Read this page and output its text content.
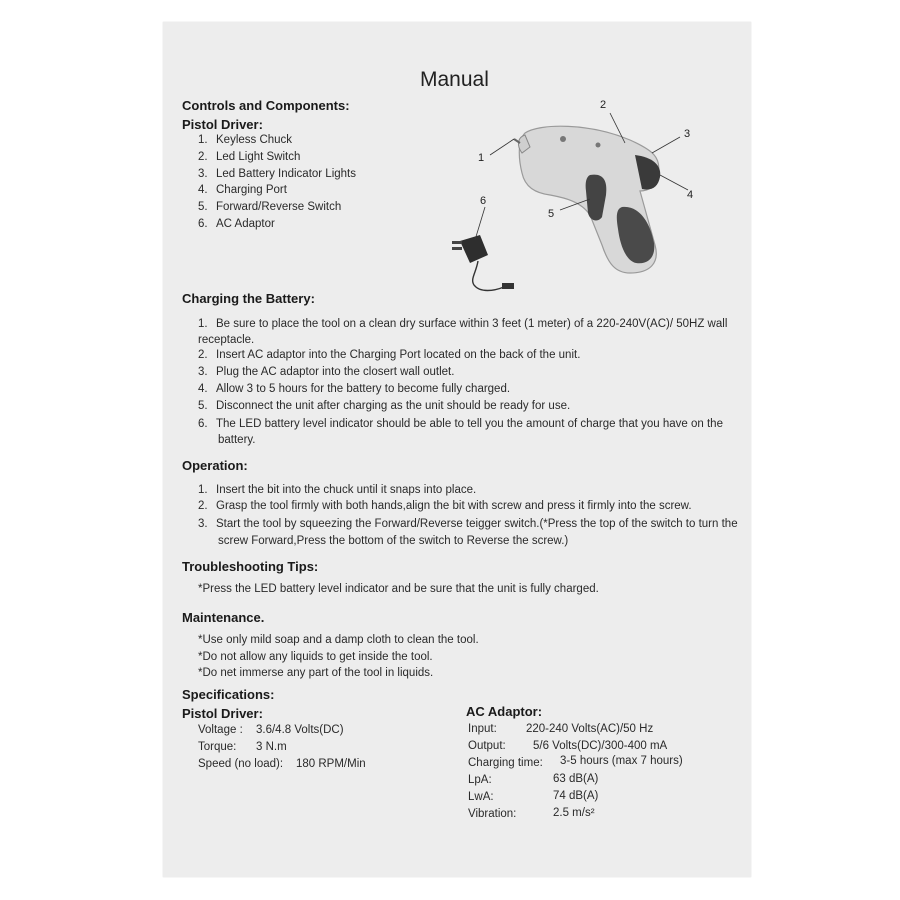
Manual
Controls and Components:
Pistol Driver:
1. Keyless Chuck
2. Led Light Switch
3. Led Battery Indicator Lights
4. Charging Port
5. Forward/Reverse Switch
6. AC Adaptor
1
2
3
4
5
6
Charging the Battery:
1. Be sure to place the tool on a clean dry surface within 3 feet (1 meter) of a 220-240V(AC)/ 50HZ wall receptacle.
2. Insert AC adaptor into the Charging Port located on the back of the unit.
3. Plug the AC adaptor into the closert wall outlet.
4. Allow 3 to 5 hours for the battery to become fully charged.
5. Disconnect the unit after charging as the unit should be ready for use.
6. The LED battery level indicator should be able to tell you the amount of charge that you have on the battery.
Operation:
1. Insert the bit into the chuck until it snaps into place.
2. Grasp the tool firmly with both hands,align the bit with screw and press it firmly into the screw.
3. Start the tool by squeezing the Forward/Reverse teigger switch.(*Press the top of the switch to turn the screw Forward,Press the bottom of the switch to Reverse the screw.)
Troubleshooting Tips:
*Press the LED battery level indicator and be sure that the unit is fully charged.
Maintenance.
*Use only mild soap and a damp cloth to clean the tool.
*Do not allow any liquids to get inside the tool.
*Do net immerse any part of the tool in liquids.
Specifications:
Pistol Driver:
Voltage : 3.6/4.8 Volts(DC)
Torque: 3 N.m
Speed (no load): 180 RPM/Min
AC Adaptor:
Input:	220-240 Volts(AC)/50 Hz
Output: 5/6 Volts(DC)/300-400 mA
Charging time: 3-5 hours (max 7 hours)
LpA:	63 dB(A)
LwA:	74 dB(A)
Vibration:	2.5 m/s²
